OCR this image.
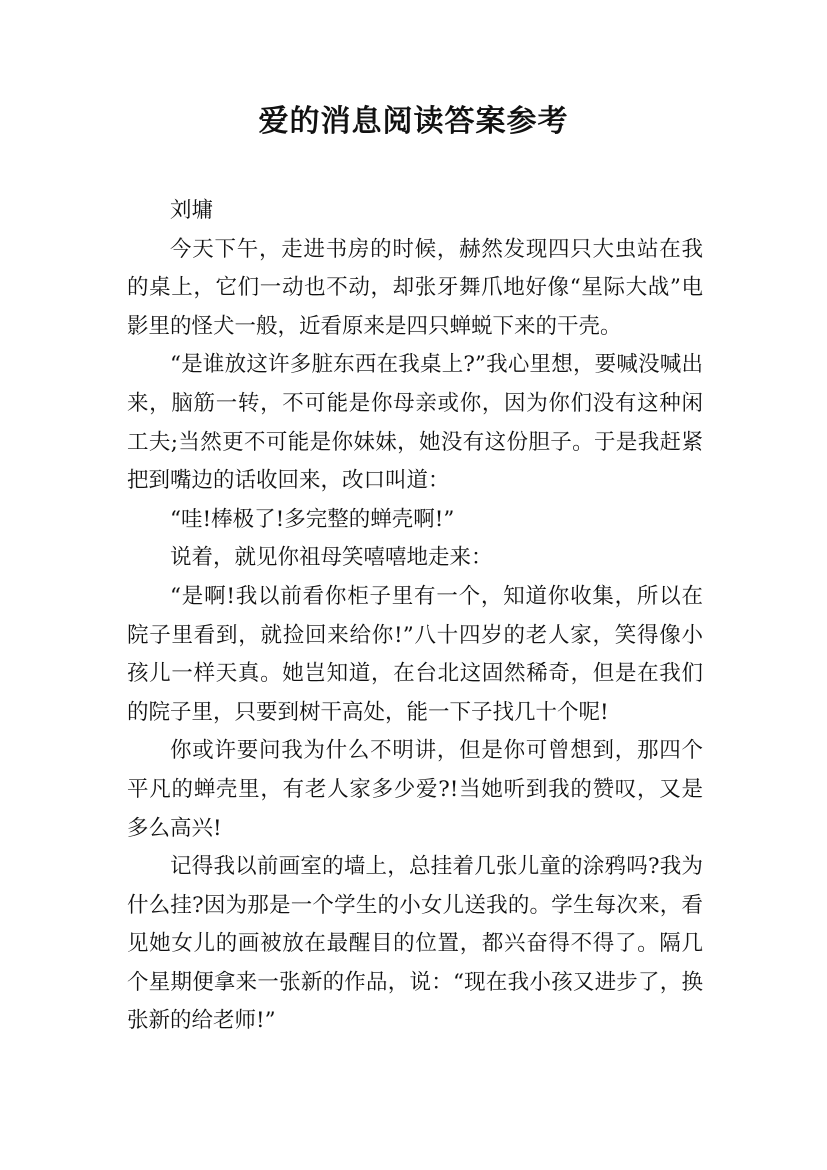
爱的消息阅读答案参考

刘墉

今天下午，走进书房的时候，赫然发现四只大虫站在我的桌上，它们一动也不动，却张牙舞爪地好像“星际大战”电影里的怪犬一般，近看原来是四只蝉蜕下来的干壳。

“是谁放这许多脏东西在我桌上?”我心里想，要喊没喊出来，脑筋一转，不可能是你母亲或你，因为你们没有这种闲工夫;当然更不可能是你妹妹，她没有这份胆子。于是我赶紧把到嘴边的话收回来，改口叫道：

“哇!棒极了!多完整的蝉壳啊!”

说着，就见你祖母笑嘻嘻地走来：

“是啊!我以前看你柜子里有一个，知道你收集，所以在院子里看到，就捡回来给你!”八十四岁的老人家，笑得像小孩儿一样天真。她岂知道，在台北这固然稀奇，但是在我们的院子里，只要到树干高处，能一下子找几十个呢!

你或许要问我为什么不明讲，但是你可曾想到，那四个平凡的蝉壳里，有老人家多少爱?!当她听到我的赞叹，又是多么高兴!

记得我以前画室的墙上，总挂着几张儿童的涂鸦吗?我为什么挂?因为那是一个学生的小女儿送我的。学生每次来，看见她女儿的画被放在最醒目的位置，都兴奋得不得了。隔几个星期便拿来一张新的作品，说：“现在我小孩又进步了，换张新的给老师!”
